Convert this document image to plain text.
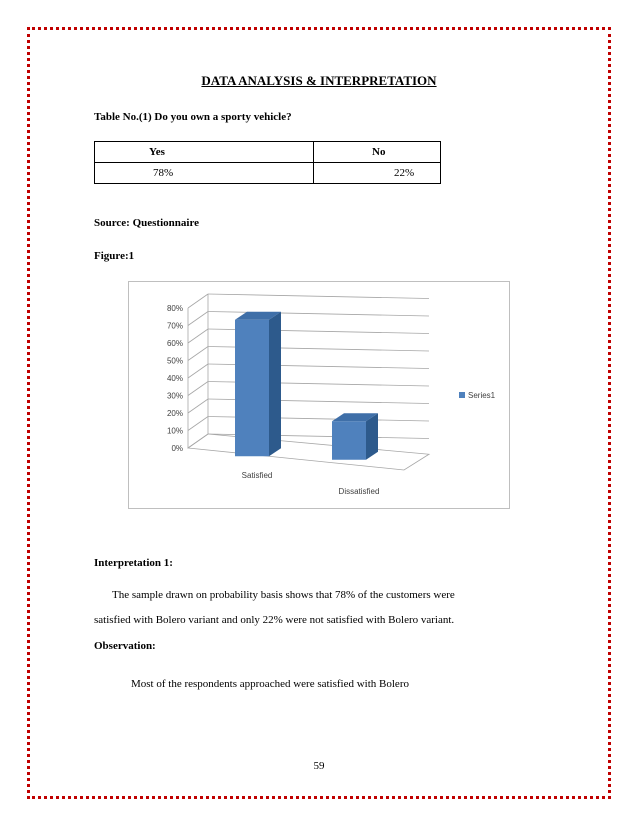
DATA ANALYSIS & INTERPRETATION
Table No.(1) Do you own a sporty vehicle?
Yes	No
78%	22%
Source: Questionnaire
Figure:1
0%
10%
20%
30%
40%
50%
60%
70%
80%
Satisfied
Dissatisfied
Series1
Interpretation 1:
The sample drawn on probability basis shows that 78% of the customers were
satisfied with Bolero variant and only 22% were not satisfied with Bolero variant.
Observation:
Most of the respondents approached were satisfied with Bolero
59
